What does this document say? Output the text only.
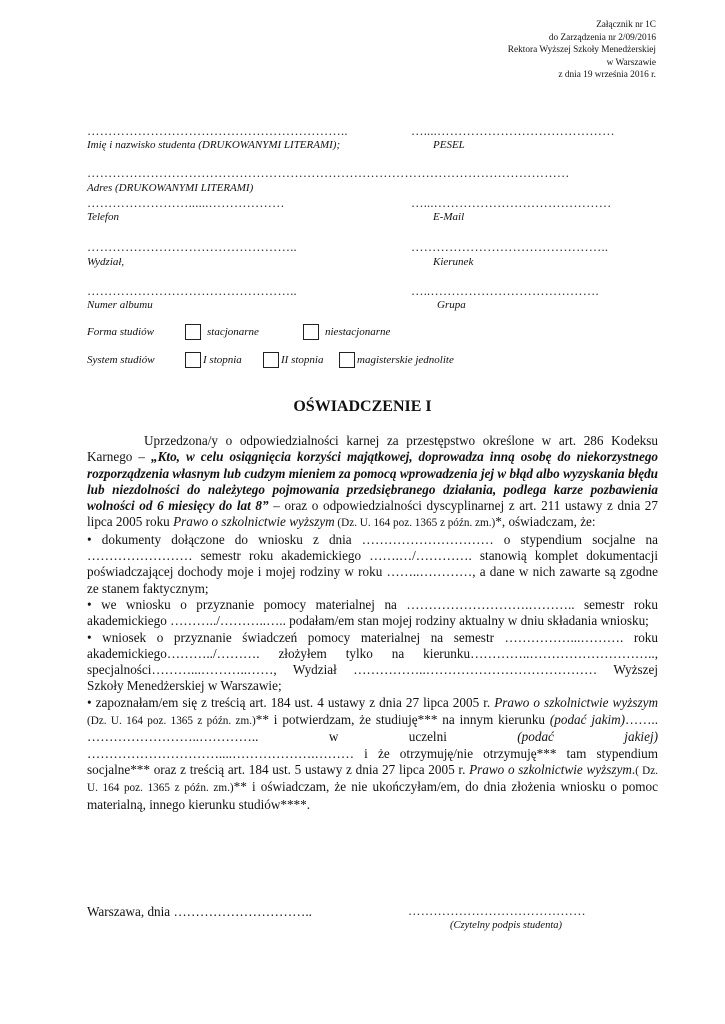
Załącznik nr 1C
do Zarządzenia nr 2/09/2016
Rektora Wyższej Szkoły Menedżerskiej
w Warszawie
z dnia 19 września 2016 r.
……………………………………………………..	…....……………………………………
Imię i nazwisko studenta (DRUKOWANYMI LITERAMI);	PESEL
……………………………………………………………………………………………………
Adres (DRUKOWANYMI LITERAMI)
……………………......………………	…...……………………………………
Telefon	E-Mail
…………………………………………..	………………………………………..
Wydział,	Kierunek
…………………………………………..	…..………………………………….
Numer albumu	Grupa
Forma studiów	stacjonarne	niestacjonarne
System studiów	I stopnia	II stopnia	magisterskie jednolite
OŚWIADCZENIE I

Uprzedzona/y o odpowiedzialności karnej za przestępstwo określone w art. 286 Kodeksu Karnego – „Kto, w celu osiągnięcia korzyści majątkowej, doprowadza inną osobę do niekorzystnego rozporządzenia własnym lub cudzym mieniem za pomocą wprowadzenia jej w błąd albo wyzyskania błędu lub niezdolności do należytego pojmowania przedsiębranego działania, podlega karze pozbawienia wolności od 6 miesięcy do lat 8” – oraz o odpowiedzialności dyscyplinarnej z art. 211 ustawy z dnia 27 lipca 2005 roku Prawo o szkolnictwie wyższym (Dz. U. 164 poz. 1365 z późn. zm.)*, oświadczam, że:

• dokumenty dołączone do wniosku z dnia ………………………… o stypendium socjalne na …………………… semestr roku akademickiego …….…/…………. stanowią komplet dokumentacji poświadczającej dochody moje i mojej rodziny w roku ……..…………, a dane w nich zawarte są zgodne ze stanem faktycznym;

• we wniosku o przyznanie pomocy materialnej na ……………………….……….. semestr roku akademickiego ………../………..….. podałam/em stan mojej rodziny aktualny w dniu składania wniosku;

• wniosek o przyznanie świadczeń pomocy materialnej na semestr ……………...………. roku akademickiego………../………. złożyłem tylko na kierunku…………..……………………….., specjalności………...………..……, Wydział ……………..………………………………… Wyższej Szkoły Menedżerskiej w Warszawie;

• zapoznałam/em się z treścią art. 184 ust. 4 ustawy z dnia 27 lipca 2005 r. Prawo o szkolnictwie wyższym (Dz. U. 164 poz. 1365 z późn. zm.)** i potwierdzam, że studiuję*** na innym kierunku (podać jakim)…….. ……………………..………….. w uczelni (podać jakiej) …………………………....……………….……… i że otrzymuję/nie otrzymuję*** tam stypendium socjalne*** oraz z treścią art. 184 ust. 5 ustawy z dnia 27 lipca 2005 r. Prawo o szkolnictwie wyższym.( Dz. U. 164 poz. 1365 z późn. zm.)** i oświadczam, że nie ukończyłam/em, do dnia złożenia wniosku o pomoc materialną, innego kierunku studiów****.

Warszawa, dnia …………………………..	……………………………………
(Czytelny podpis studenta)
